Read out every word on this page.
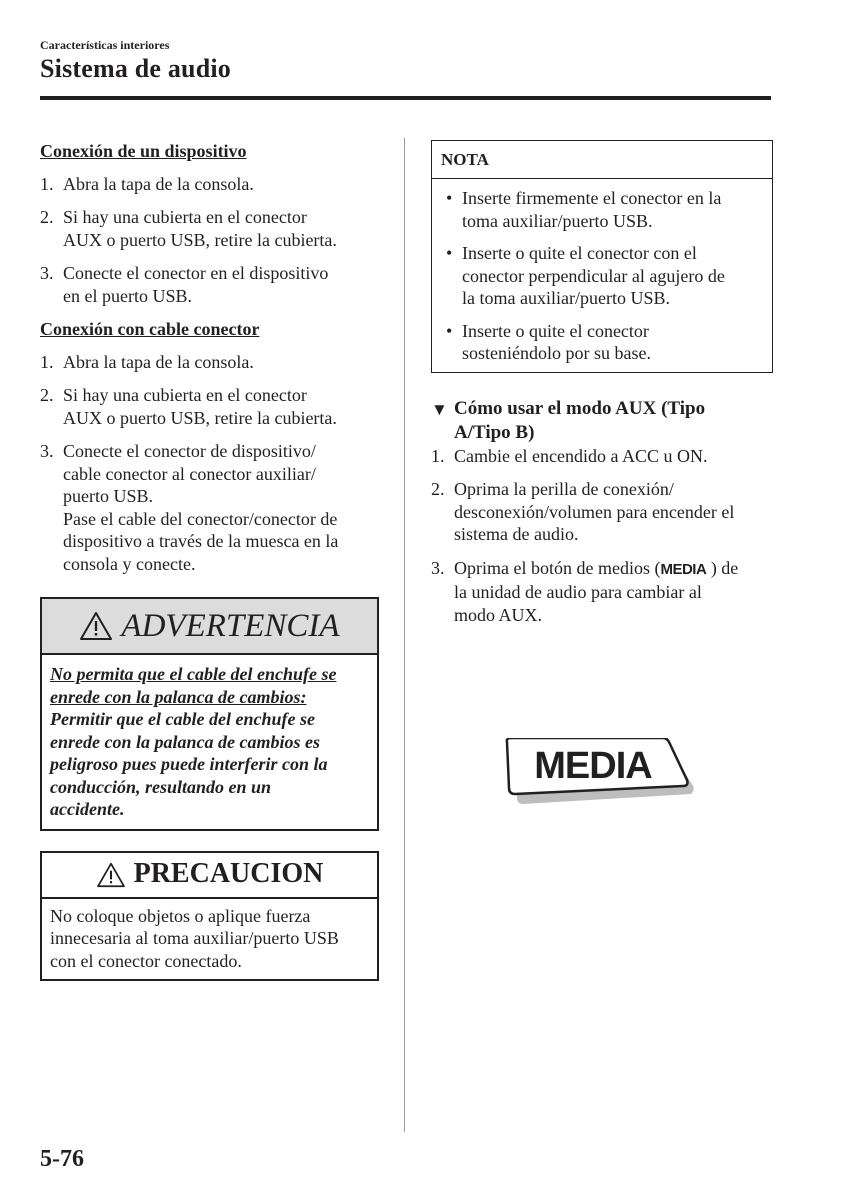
Características interiores
Sistema de audio
Conexión de un dispositivo
1. Abra la tapa de la consola.
2. Si hay una cubierta en el conector
AUX o puerto USB, retire la cubierta.
3. Conecte el conector en el dispositivo
en el puerto USB.
Conexión con cable conector
1. Abra la tapa de la consola.
2. Si hay una cubierta en el conector
AUX o puerto USB, retire la cubierta.
3. Conecte el conector de dispositivo/
cable conector al conector auxiliar/
puerto USB.
Pase el cable del conector/conector de
dispositivo a través de la muesca en la
consola y conecte.
ADVERTENCIA
No permita que el cable del enchufe se
enrede con la palanca de cambios:
Permitir que el cable del enchufe se
enrede con la palanca de cambios es
peligroso pues puede interferir con la
conducción, resultando en un
accidente.
PRECAUCION
No coloque objetos o aplique fuerza
innecesaria al toma auxiliar/puerto USB
con el conector conectado.
NOTA
• Inserte firmemente el conector en la
toma auxiliar/puerto USB.
• Inserte o quite el conector con el
conector perpendicular al agujero de
la toma auxiliar/puerto USB.
• Inserte o quite el conector
sosteniéndolo por su base.
▼ Cómo usar el modo AUX (Tipo
A/Tipo B)
1. Cambie el encendido a ACC u ON.
2. Oprima la perilla de conexión/
desconexión/volumen para encender el
sistema de audio.
3. Oprima el botón de medios (MEDIA ) de
la unidad de audio para cambiar al
modo AUX.
MEDIA
5-76
